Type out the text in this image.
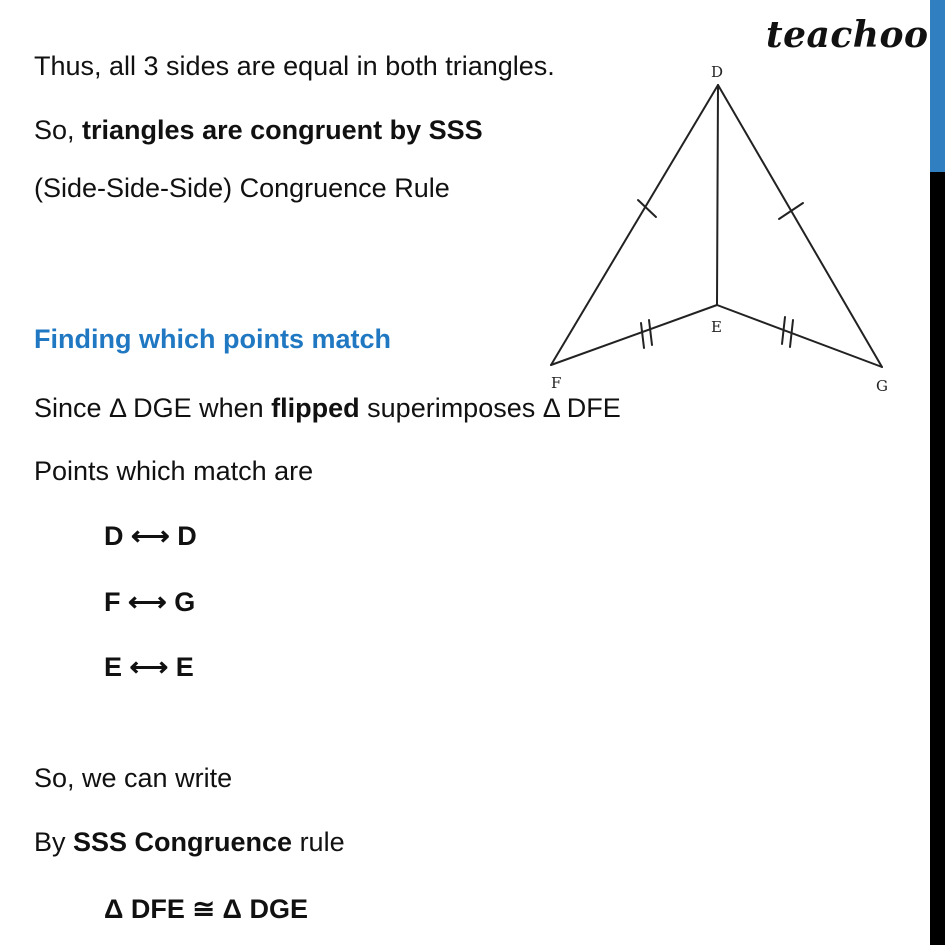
teachoo
Thus, all 3 sides are equal in both triangles.
So, triangles are congruent by SSS
(Side-Side-Side) Congruence Rule
Finding which points match
Since Δ DGE when flipped superimposes Δ DFE
Points which match are
D ⟷ D
F ⟷ G
E ⟷ E
So, we can write
By SSS Congruence rule
Δ DFE ≅ Δ DGE
D
E
F	G
